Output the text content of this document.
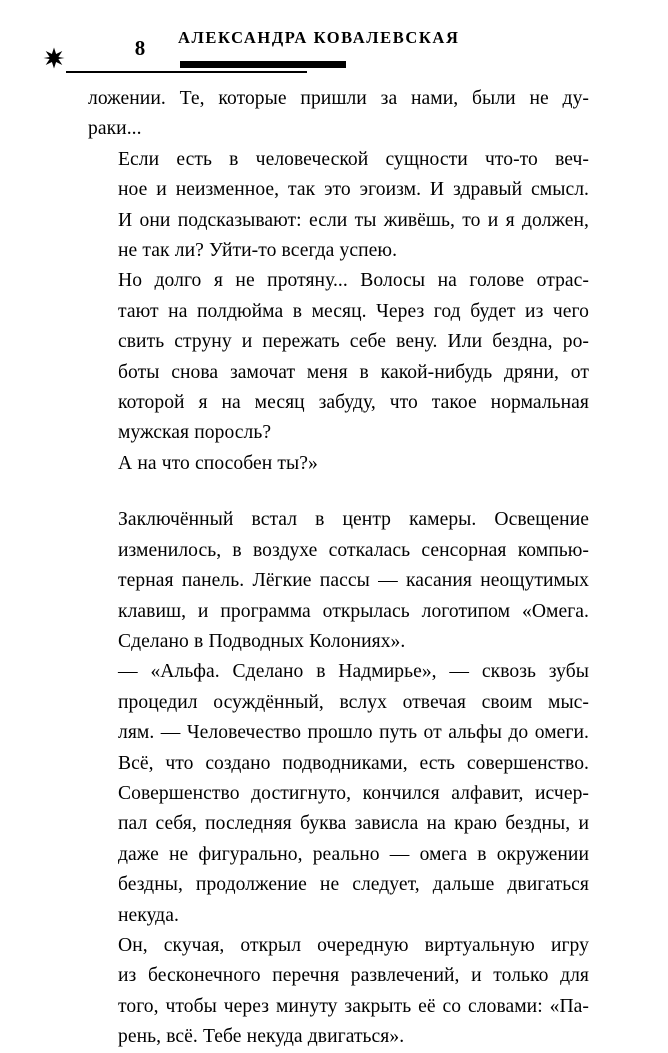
8	АЛЕКСАНДРА КОВАЛЕВСКАЯ

ложении. Те, которые пришли за нами, были не ду-
раки...

Если есть в человеческой сущности что-то веч-
ное и неизменное, так это эгоизм. И здравый смысл.
И они подсказывают: если ты живёшь, то и я должен,
не так ли? Уйти-то всегда успею.

Но долго я не протяну... Волосы на голове отрас-
тают на полдюйма в месяц. Через год будет из чего
свить струну и пережать себе вену. Или бездна, ро-
боты снова замочат меня в какой-нибудь дряни, от
которой я на месяц забуду, что такое нормальная
мужская поросль?

А на что способен ты?»

Заключённый встал в центр камеры. Освещение
изменилось, в воздухе соткалась сенсорная компью-
терная панель. Лёгкие пассы — касания неощутимых
клавиш, и программа открылась логотипом «Омега.
Сделано в Подводных Колониях».

— «Альфа. Сделано в Надмирье», — сквозь зубы
процедил осуждённый, вслух отвечая своим мыс-
лям. — Человечество прошло путь от альфы до омеги.
Всё, что создано подводниками, есть совершенство.
Совершенство достигнуто, кончился алфавит, исчер-
пал себя, последняя буква зависла на краю бездны, и
даже не фигурально, реально — омега в окружении
бездны, продолжение не следует, дальше двигаться
некуда.

Он, скучая, открыл очередную виртуальную игру
из бесконечного перечня развлечений, и только для
того, чтобы через минуту закрыть её со словами: «Па-
рень, всё. Тебе некуда двигаться».
